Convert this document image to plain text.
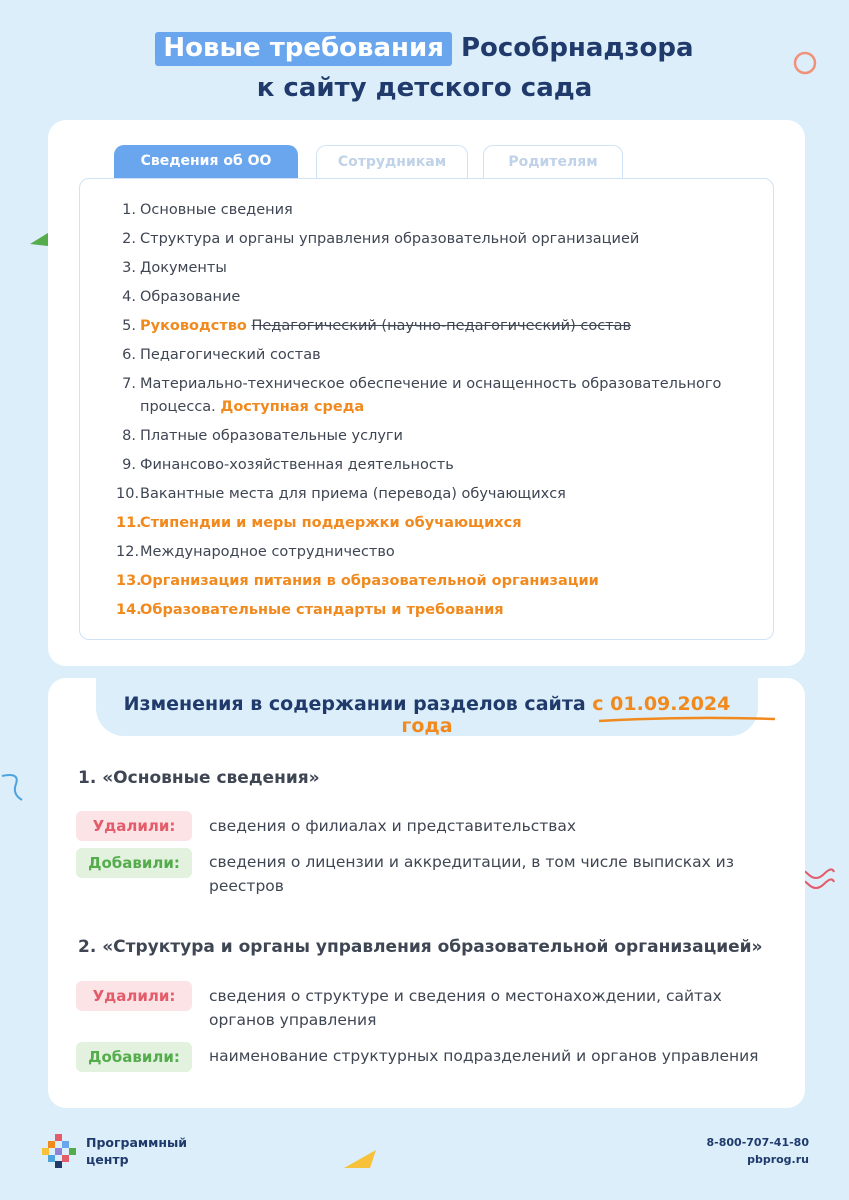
Новые требования Рособрнадзора
к сайту детского сада
Сведения об ОО	Сотрудникам	Родителям
1. Основные сведения
2. Структура и органы управления образовательной организацией
3. Документы
4. Образование
5. Руководство Педагогический (научно-педагогический) состав
6. Педагогический состав
7. Материально-техническое обеспечение и оснащенность образовательного процесса. Доступная среда
8. Платные образовательные услуги
9. Финансово-хозяйственная деятельность
10. Вакантные места для приема (перевода) обучающихся
11.
Стипендии и меры поддержки обучающихся
12. Международное сотрудничество
13.
Организация питания в образовательной организации
14.
Образовательные стандарты и требования
Изменения в содержании разделов сайта с 01.09.2024 года
1. «Основные сведения»
Удалили:	сведения о филиалах и представительствах
Добавили:	сведения о лицензии и аккредитации, в том числе выписках из реестров
2. «Структура и органы управления образовательной организацией»
Удалили:	сведения о структуре и сведения о местонахождении, сайтах органов управления
Добавили:	наименование структурных подразделений и органов управления
Программный центр
8-800-707-41-80
pbprog.ru
